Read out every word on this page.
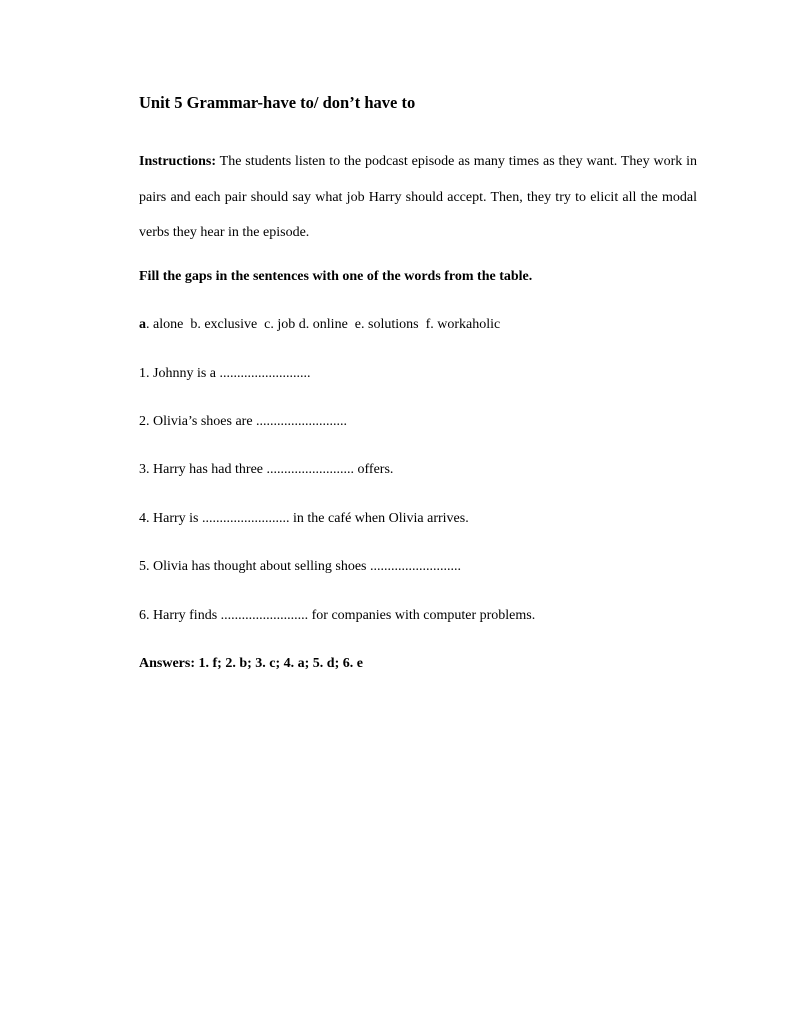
Unit 5 Grammar-have to/ don’t have to

Instructions: The students listen to the podcast episode as many times as they want. They work in pairs and each pair should say what job Harry should accept. Then, they try to elicit all the modal verbs they hear in the episode.

Fill the gaps in the sentences with one of the words from the table.

a. alone  b. exclusive  c. job d. online  e. solutions  f. workaholic

1. Johnny is a ..........................

2. Olivia’s shoes are ..........................

3. Harry has had three ......................... offers.

4. Harry is ......................... in the café when Olivia arrives.

5. Olivia has thought about selling shoes ..........................

6. Harry finds ......................... for companies with computer problems.

Answers: 1. f; 2. b; 3. c; 4. a; 5. d; 6. e
